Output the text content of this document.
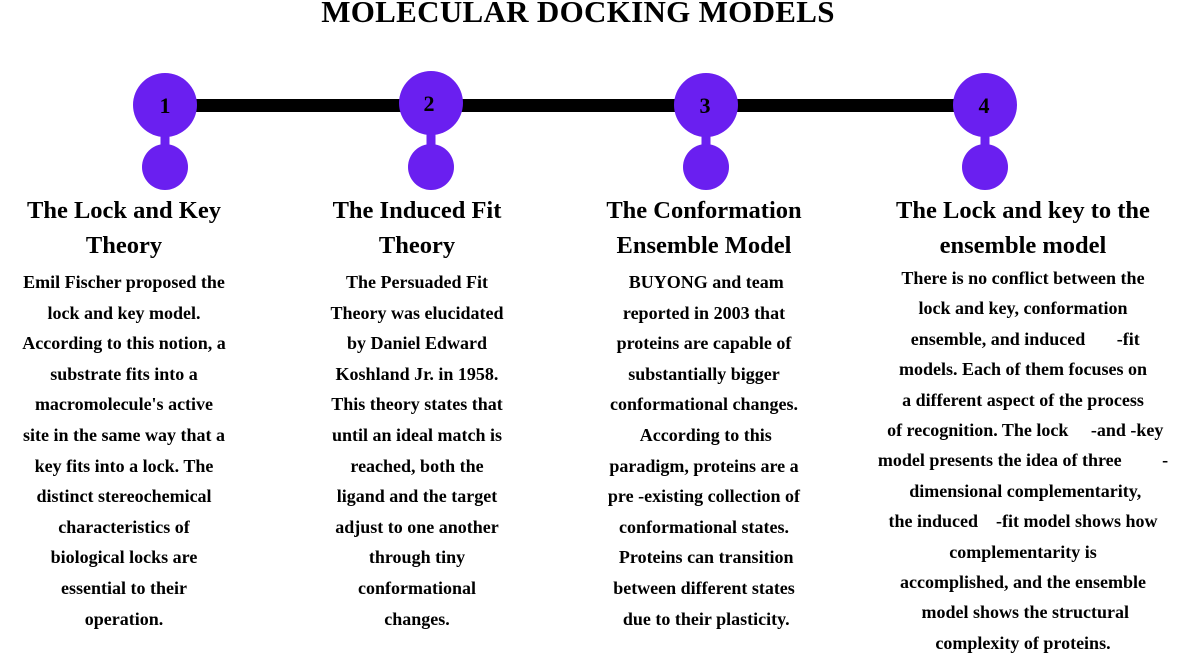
MOLECULAR DOCKING MODELS
1	2	3	4
The Lock and Key
Theory
Emil Fischer proposed the
lock and key model.
According to this notion, a
substrate fits into a
macromolecule's active
site in the same way that a
key fits into a lock. The
distinct stereochemical
characteristics of
biological locks are
essential to their
operation.
The Induced Fit
Theory
The Persuaded Fit
Theory was elucidated
by Daniel Edward
Koshland Jr. in 1958.
This theory states that
until an ideal match is
reached, both the
ligand and the target
adjust to one another
through tiny
conformational
changes.
The Conformation
Ensemble Model
BUYONG and team
reported in 2003 that
proteins are capable of
substantially bigger
conformational changes.
According to this
paradigm, proteins are a
pre -existing collection of
conformational states.
Proteins can transition
between different states
due to their plasticity.
The Lock and key to the
ensemble model
There is no conflict between the
lock and key, conformation
ensemble, and induced       -fit
models. Each of them focuses on
a different aspect of the process
of recognition. The lock     -and -key
model presents the idea of three         -
dimensional complementarity,
the induced    -fit model shows how
complementarity is
accomplished, and the ensemble
model shows the structural
complexity of proteins.
